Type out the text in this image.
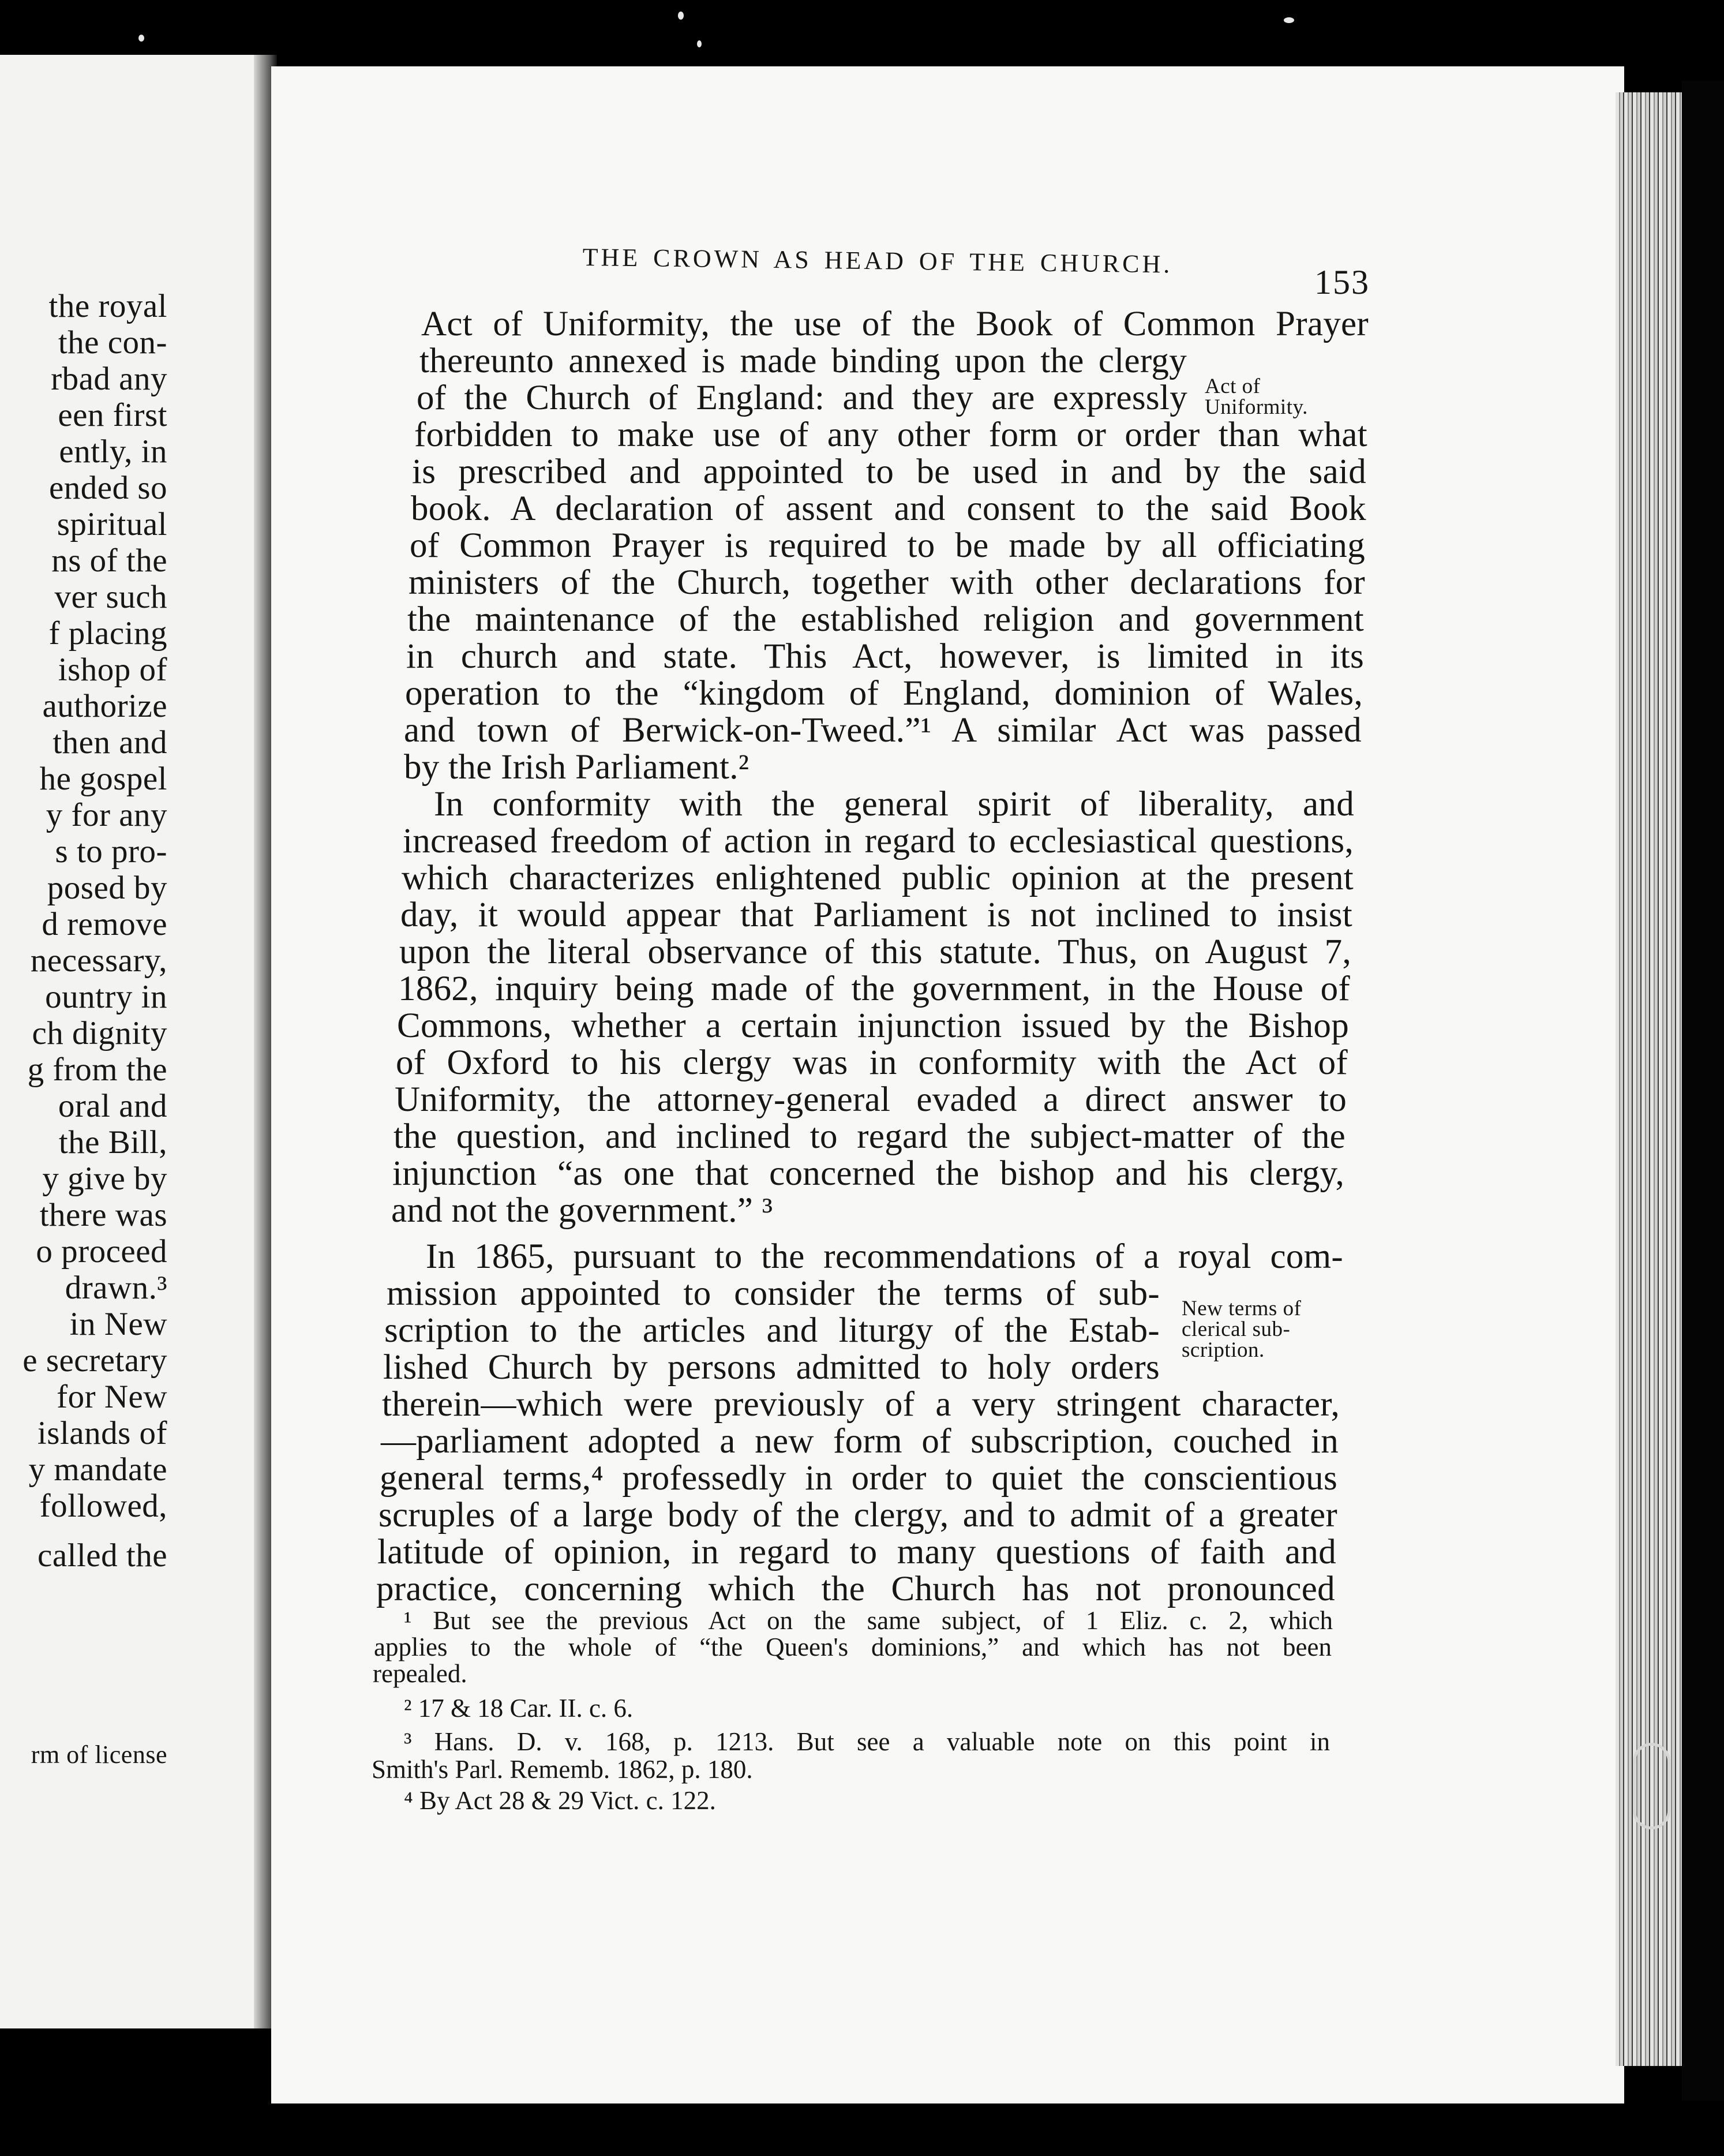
the royal
the con-
rbad any
een first
ently, in
ended so
spiritual
ns of the
ver such
f placing
ishop of
authorize
then and
he gospel
y for any
s to pro-
posed by
d remove
necessary,
ountry in
ch dignity
g from the
oral and
the Bill,
y give by
there was
o proceed
drawn.³
in New
e secretary
for New
islands of
y mandate
followed,
called the
rm of license
THE CROWN AS HEAD OF THE CHURCH.
153
Act of Uniformity, the use of the Book of Common Prayer
thereunto annexed is made binding upon the clergy
of the Church of England: and they are expressly
forbidden to make use of any other form or order than what
is prescribed and appointed to be used in and by the said
book. A declaration of assent and consent to the said Book
of Common Prayer is required to be made by all officiating
ministers of the Church, together with other declarations for
the maintenance of the established religion and government
in church and state. This Act, however, is limited in its
operation to the “kingdom of England, dominion of Wales,
and town of Berwick-on-Tweed.”¹ A similar Act was passed
by the Irish Parliament.²
In conformity with the general spirit of liberality, and
increased freedom of action in regard to ecclesiastical questions,
which characterizes enlightened public opinion at the present
day, it would appear that Parliament is not inclined to insist
upon the literal observance of this statute. Thus, on August 7,
1862, inquiry being made of the government, in the House of
Commons, whether a certain injunction issued by the Bishop
of Oxford to his clergy was in conformity with the Act of
Uniformity, the attorney-general evaded a direct answer to
the question, and inclined to regard the subject-matter of the
injunction “as one that concerned the bishop and his clergy,
and not the government.” ³
In 1865, pursuant to the recommendations of a royal com-
mission appointed to consider the terms of sub-
scription to the articles and liturgy of the Estab-
lished Church by persons admitted to holy orders
therein—which were previously of a very stringent character,
—parliament adopted a new form of subscription, couched in
general terms,⁴ professedly in order to quiet the conscientious
scruples of a large body of the clergy, and to admit of a greater
latitude of opinion, in regard to many questions of faith and
practice, concerning which the Church has not pronounced
Act of
Uniformity.
New terms of
clerical sub-
scription.
¹ But see the previous Act on the same subject, of 1 Eliz. c. 2, which
applies to the whole of “the Queen's dominions,” and which has not been
repealed.
² 17 & 18 Car. II. c. 6.
³ Hans. D. v. 168, p. 1213. But see a valuable note on this point in
Smith's Parl. Rememb. 1862, p. 180.
⁴ By Act 28 & 29 Vict. c. 122.
